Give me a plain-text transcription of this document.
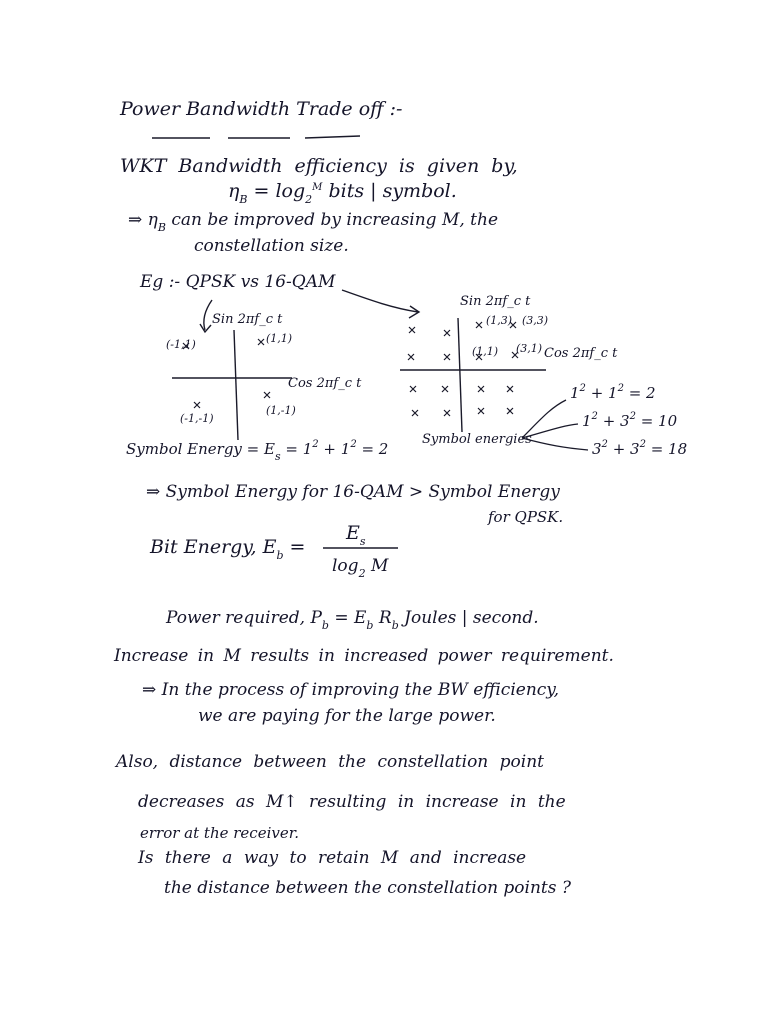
Power Bandwidth Trade off :-
WKT Bandwidth efficiency is given by,
$\eta_B = \log_2^M$ bits | symbol.
⇒ $\eta_B$ can be improved by increasing M, the
constellation size.
Eg :- QPSK vs 16-QAM
Sin 2πf_c t
Cos 2πf_c t
(-1,1)	(1,1)
(-1,-1)
(1,-1)
Sin 2πf_c t
Cos 2πf_c t
(1,3) (3,3)
(1,1) (3,1)
Symbol Energy = $E_s = 1^2 + 1^2 = 2$
Symbol energies
$1^2 + 1^2 = 2$
$1^2 + 3^2 = 10$
$3^2 + 3^2 = 18$
⇒ Symbol Energy for 16-QAM > Symbol Energy
for QPSK.
Bit Energy, $E_b$ =
$E_s$
$\log_2 M$
Power required, $P_b = E_b$ $R_b$ Joules | second.
Increase in M results in increased power requirement.
⇒ In the process of improving the BW efficiency,
we are paying for the large power.
Also, distance between the constellation point
decreases as M↑ resulting in increase in the
error at the receiver.
Is there a way to retain M and increase
the distance between the constellation points ?
